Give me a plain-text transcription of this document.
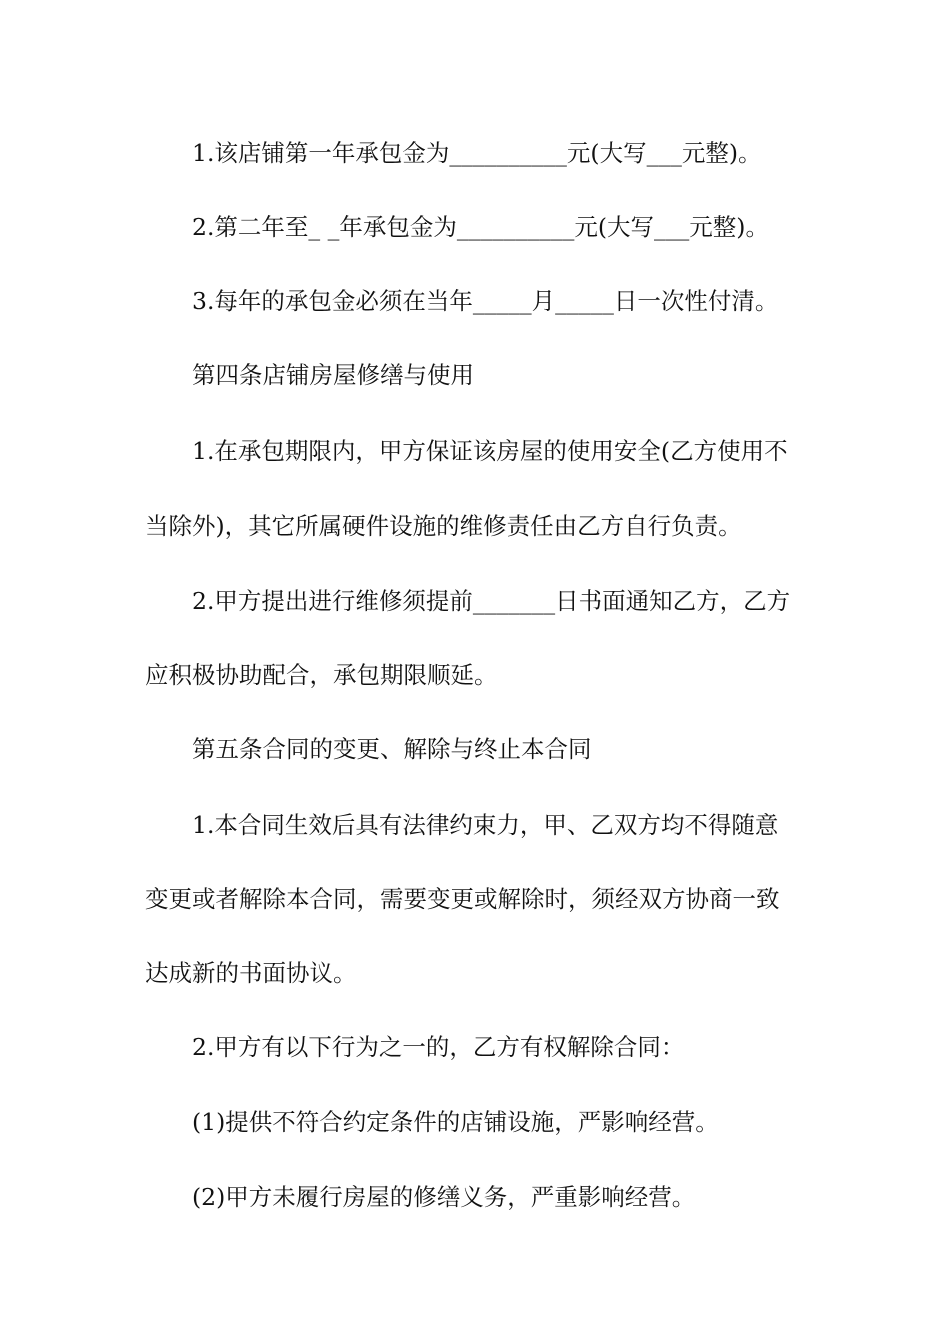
1.该店铺第一年承包金为__________元(大写___元整)。

2.第二年至_ _年承包金为__________元(大写___元整)。

3.每年的承包金必须在当年_____月_____日一次性付清。

第四条店铺房屋修缮与使用

1.在承包期限内，甲方保证该房屋的使用安全(乙方使用不

当除外)，其它所属硬件设施的维修责任由乙方自行负责。

2.甲方提出进行维修须提前_______日书面通知乙方，乙方

应积极协助配合，承包期限顺延。

第五条合同的变更、解除与终止本合同

1.本合同生效后具有法律约束力，甲、乙双方均不得随意

变更或者解除本合同，需要变更或解除时，须经双方协商一致

达成新的书面协议。

2.甲方有以下行为之一的，乙方有权解除合同：

(1)提供不符合约定条件的店铺设施，严影响经营。

(2)甲方未履行房屋的修缮义务，严重影响经营。
